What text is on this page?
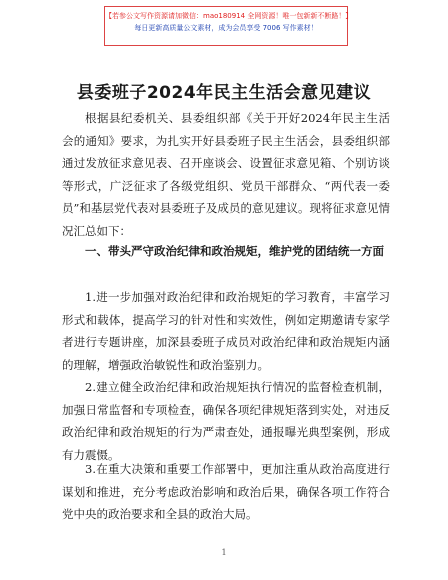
【若参公文写作资源请加微信：mao180914 全网资源！唯一包新新不断路！】
每日更新高质量公文素材，成为会员享受 7006 写作素材！
县委班子2024年民主生活会意见建议
根据县纪委机关、县委组织部《关于开好2024年民主生活会的通知》要求，为扎实开好县委班子民主生活会，县委组织部通过发放征求意见表、召开座谈会、设置征求意见箱、个别访谈等形式，广泛征求了各级党组织、党员干部群众、“两代表一委员”和基层党代表对县委班子及成员的意见建议。现将征求意见情况汇总如下：
一、带头严守政治纪律和政治规矩，维护党的团结统一方面
1.进一步加强对政治纪律和政治规矩的学习教育，丰富学习形式和载体，提高学习的针对性和实效性，例如定期邀请专家学者进行专题讲座，加深县委班子成员对政治纪律和政治规矩内涵的理解，增强政治敏锐性和政治鉴别力。
2.建立健全政治纪律和政治规矩执行情况的监督检查机制，加强日常监督和专项检查，确保各项纪律规矩落到实处，对违反政治纪律和政治规矩的行为严肃查处，通报曝光典型案例，形成有力震慑。
3.在重大决策和重要工作部署中，更加注重从政治高度进行谋划和推进，充分考虑政治影响和政治后果，确保各项工作符合党中央的政治要求和全县的政治大局。
1
